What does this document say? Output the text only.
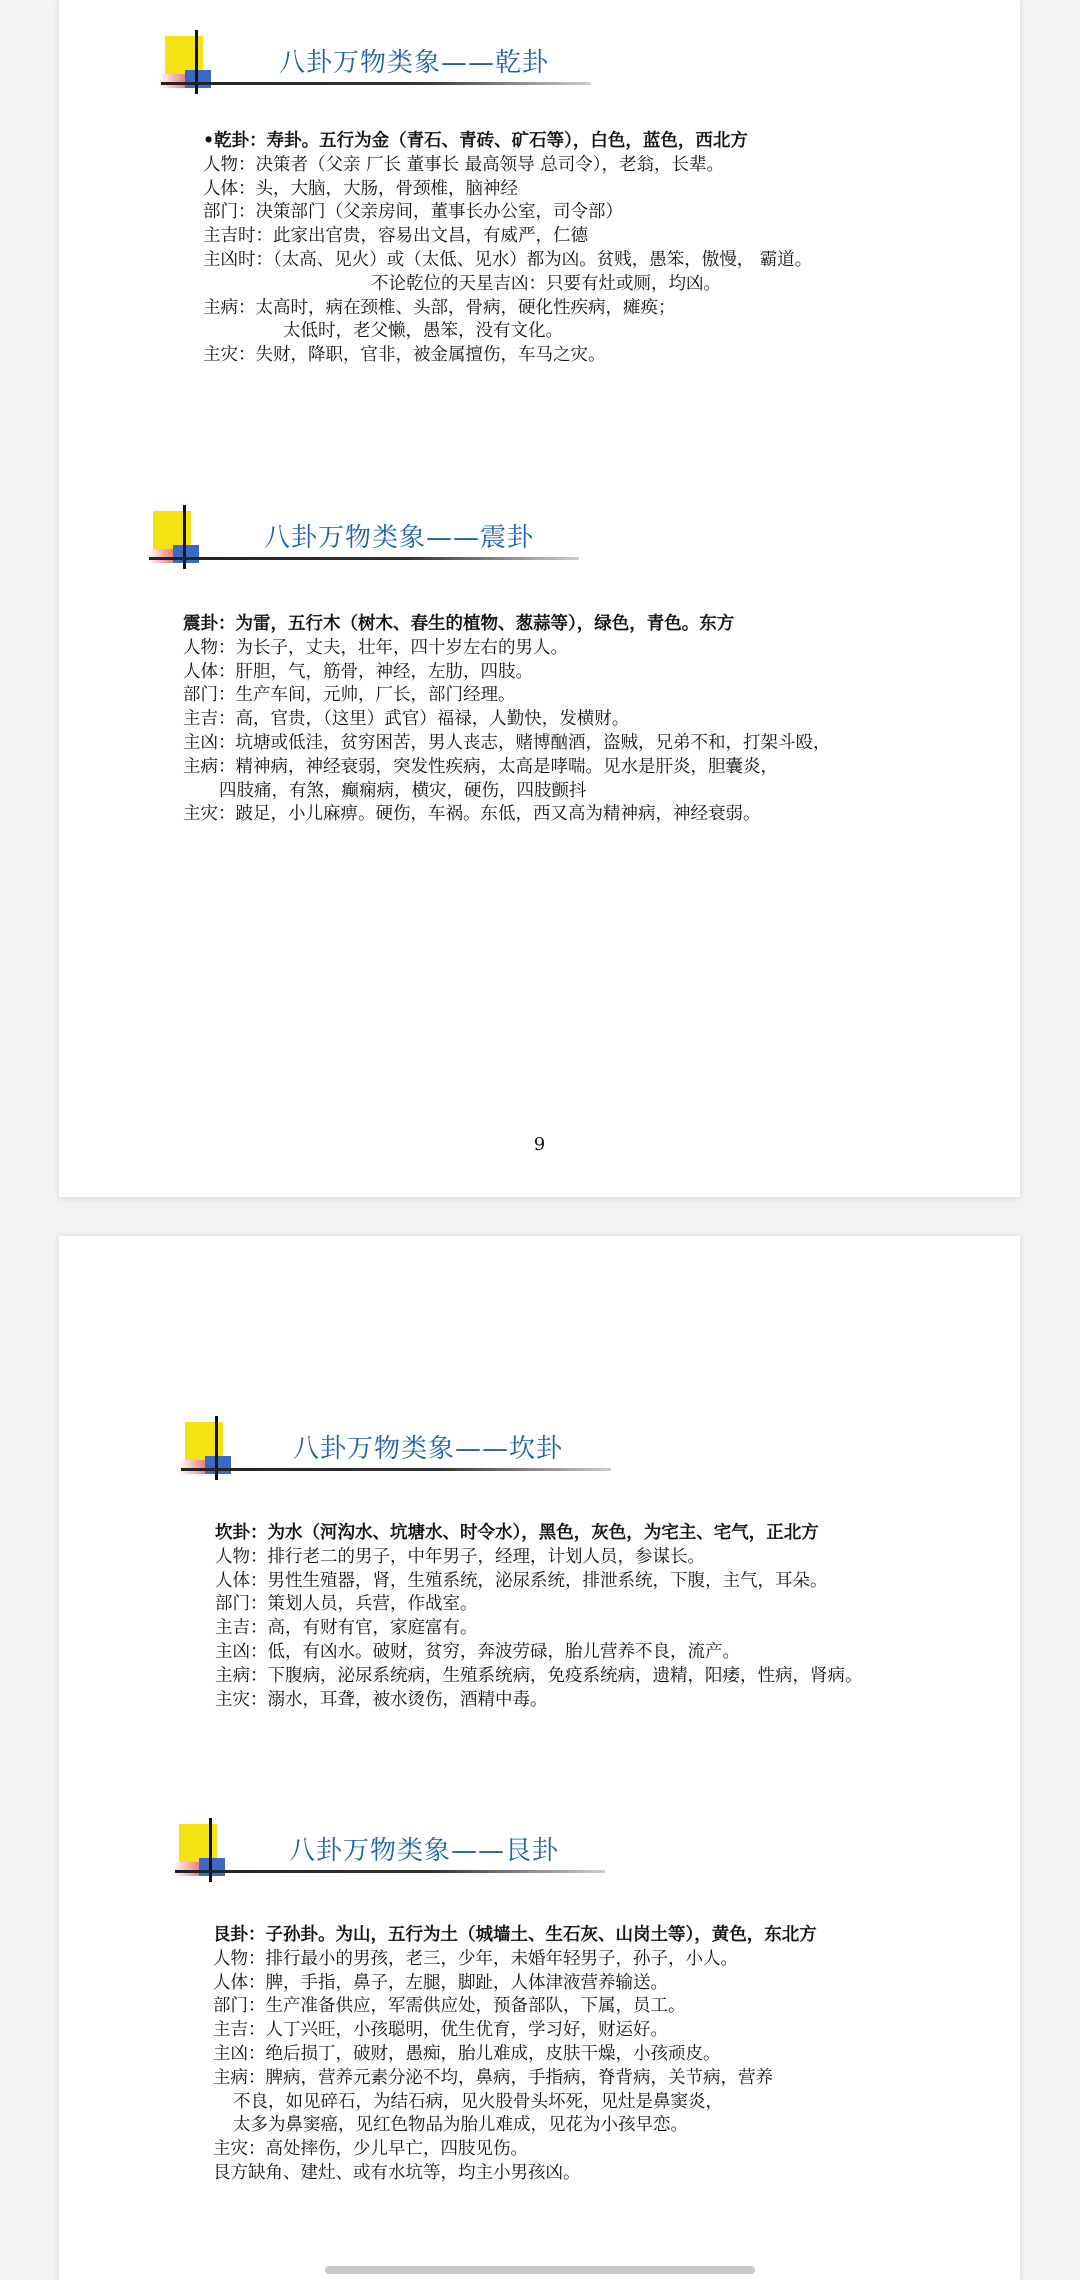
八卦万物类象——乾卦
•乾卦：寿卦。五行为金（青石、青砖、矿石等），白色，蓝色，西北方
人物：决策者（父亲 厂长 董事长 最高领导 总司令），老翁，长辈。
人体：头，大脑，大肠，骨颈椎，脑神经
部门：决策部门（父亲房间，董事长办公室，司令部）
主吉时：此家出官贵，容易出文昌，有威严，仁德
主凶时：（太高、见火）或（太低、见水）都为凶。贫贱，愚笨，傲慢， 霸道。
不论乾位的天星吉凶：只要有灶或厕，均凶。
主病：太高时，病在颈椎、头部，骨病，硬化性疾病，瘫痪；
太低时，老父懒，愚笨，没有文化。
主灾：失财，降职，官非，被金属擅伤，车马之灾。
八卦万物类象——震卦
震卦：为雷，五行木（树木、春生的植物、葱蒜等），绿色，青色。东方
人物：为长子，丈夫，壮年，四十岁左右的男人。
人体：肝胆，气，筋骨，神经，左肋，四肢。
部门：生产车间，元帅，厂长，部门经理。
主吉：高，官贵，（这里）武官）福禄，人勤快，发横财。
主凶：坑塘或低洼，贫穷困苦，男人丧志，赌博酗酒，盗贼，兄弟不和，打架斗殴，
主病：精神病，神经衰弱，突发性疾病，太高是哮喘。见水是肝炎，胆囊炎，
四肢痛，有煞，癫痫病，横灾，硬伤，四肢颤抖
主灾：跛足，小儿麻痹。硬伤，车祸。东低，西又高为精神病，神经衰弱。
9
八卦万物类象——坎卦
坎卦：为水（河沟水、坑塘水、时令水），黑色，灰色，为宅主、宅气，正北方
人物：排行老二的男子，中年男子，经理，计划人员，参谋长。
人体：男性生殖器，肾，生殖系统，泌尿系统，排泄系统，下腹，主气，耳朵。
部门：策划人员，兵营，作战室。
主吉：高，有财有官，家庭富有。
主凶：低，有凶水。破财，贫穷，奔波劳碌，胎儿营养不良，流产。
主病：下腹病，泌尿系统病，生殖系统病，免疫系统病，遗精，阳痿，性病，肾病。
主灾：溺水，耳聋，被水烫伤，酒精中毒。
八卦万物类象——艮卦
艮卦：子孙卦。为山，五行为土（城墙土、生石灰、山岗土等），黄色，东北方
人物：排行最小的男孩，老三，少年，未婚年轻男子，孙子，小人。
人体：脾，手指，鼻子，左腿，脚趾，人体津液营养输送。
部门：生产准备供应，军需供应处，预备部队，下属，员工。
主吉：人丁兴旺，小孩聪明，优生优育，学习好，财运好。
主凶：绝后损丁，破财，愚痴，胎儿难成，皮肤干燥，小孩顽皮。
主病：脾病，营养元素分泌不均，鼻病，手指病，脊背病，关节病，营养
不良，如见碎石，为结石病，见火股骨头坏死，见灶是鼻窦炎，
太多为鼻窦癌，见红色物品为胎儿难成，见花为小孩早恋。
主灾：高处摔伤，少儿早亡，四肢见伤。
艮方缺角、建灶、或有水坑等，均主小男孩凶。
